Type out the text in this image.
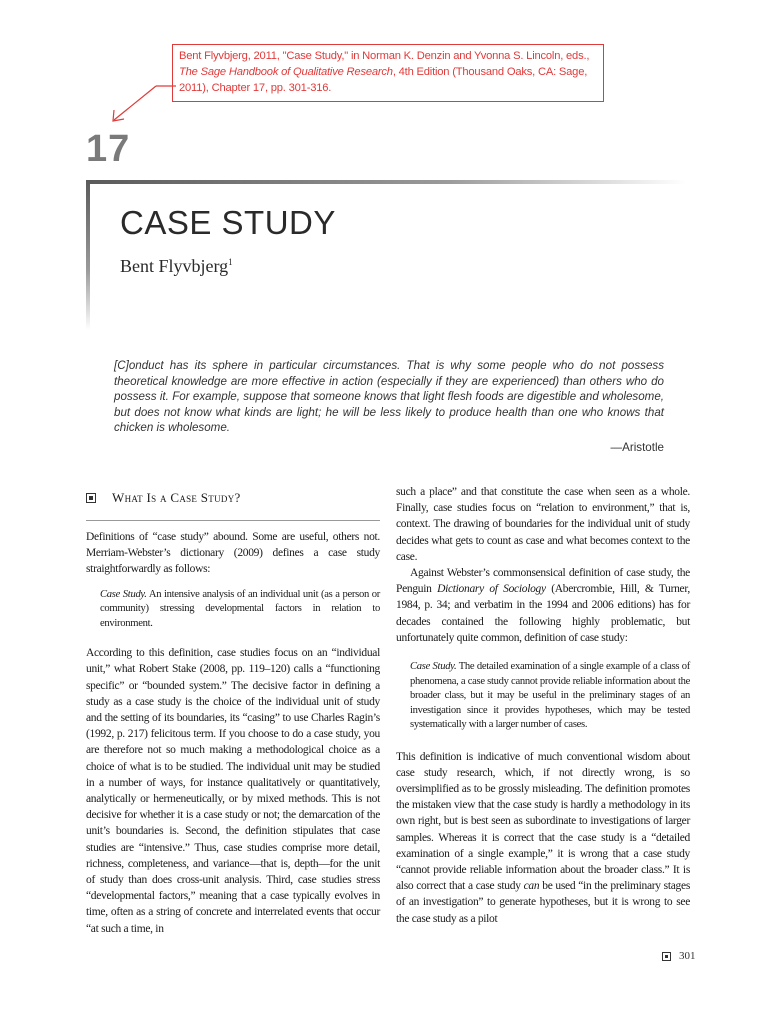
Bent Flyvbjerg, 2011, "Case Study," in Norman K. Denzin and Yvonna S. Lincoln, eds., The Sage Handbook of Qualitative Research, 4th Edition (Thousand Oaks, CA: Sage, 2011), Chapter 17, pp. 301-316.
17
CASE STUDY
Bent Flyvbjerg$^1$
[C]onduct has its sphere in particular circumstances. That is why some people who do not possess theoretical knowledge are more effective in action (especially if they are experienced) than others who do possess it. For example, suppose that someone knows that light flesh foods are digestible and wholesome, but does not know what kinds are light; he will be less likely to produce health than one who knows that chicken is wholesome.
—Aristotle
What Is a Case Study?

Definitions of “case study” abound. Some are useful, others not. Merriam-Webster’s dictionary (2009) defines a case study straightforwardly as follows:

Case Study. An intensive analysis of an individual unit (as a person or community) stressing developmental factors in relation to environment.

According to this definition, case studies focus on an “individual unit,” what Robert Stake (2008, pp. 119–120) calls a “functioning specific” or “bounded system.” The decisive factor in defining a study as a case study is the choice of the individual unit of study and the setting of its boundaries, its “casing” to use Charles Ragin’s (1992, p. 217) felicitous term. If you choose to do a case study, you are therefore not so much making a methodological choice as a choice of what is to be studied. The individual unit may be studied in a number of ways, for instance qualitatively or quantitatively, analytically or hermeneutically, or by mixed methods. This is not decisive for whether it is a case study or not; the demarcation of the unit’s boundaries is. Second, the definition stipulates that case studies are “intensive.” Thus, case studies comprise more detail, richness, completeness, and variance—that is, depth—for the unit of study than does cross-unit analysis. Third, case studies stress “developmental factors,” meaning that a case typically evolves in time, often as a string of concrete and interrelated events that occur “at such a time, in

such a place” and that constitute the case when seen as a whole. Finally, case studies focus on “relation to environment,” that is, context. The drawing of boundaries for the individual unit of study decides what gets to count as case and what becomes context to the case.

Against Webster’s commonsensical definition of case study, the Penguin Dictionary of Sociology (Abercrombie, Hill, & Turner, 1984, p. 34; and verbatim in the 1994 and 2006 editions) has for decades contained the following highly problematic, but unfortunately quite common, definition of case study:

Case Study. The detailed examination of a single example of a class of phenomena, a case study cannot provide reliable information about the broader class, but it may be useful in the preliminary stages of an investigation since it provides hypotheses, which may be tested systematically with a larger number of cases.

This definition is indicative of much conventional wisdom about case study research, which, if not directly wrong, is so oversimplified as to be grossly misleading. The definition promotes the mistaken view that the case study is hardly a methodology in its own right, but is best seen as subordinate to investigations of larger samples. Whereas it is correct that the case study is a “detailed examination of a single example,” it is wrong that a case study “cannot provide reliable information about the broader class.” It is also correct that a case study can be used “in the preliminary stages of an investigation” to generate hypotheses, but it is wrong to see the case study as a pilot

301
